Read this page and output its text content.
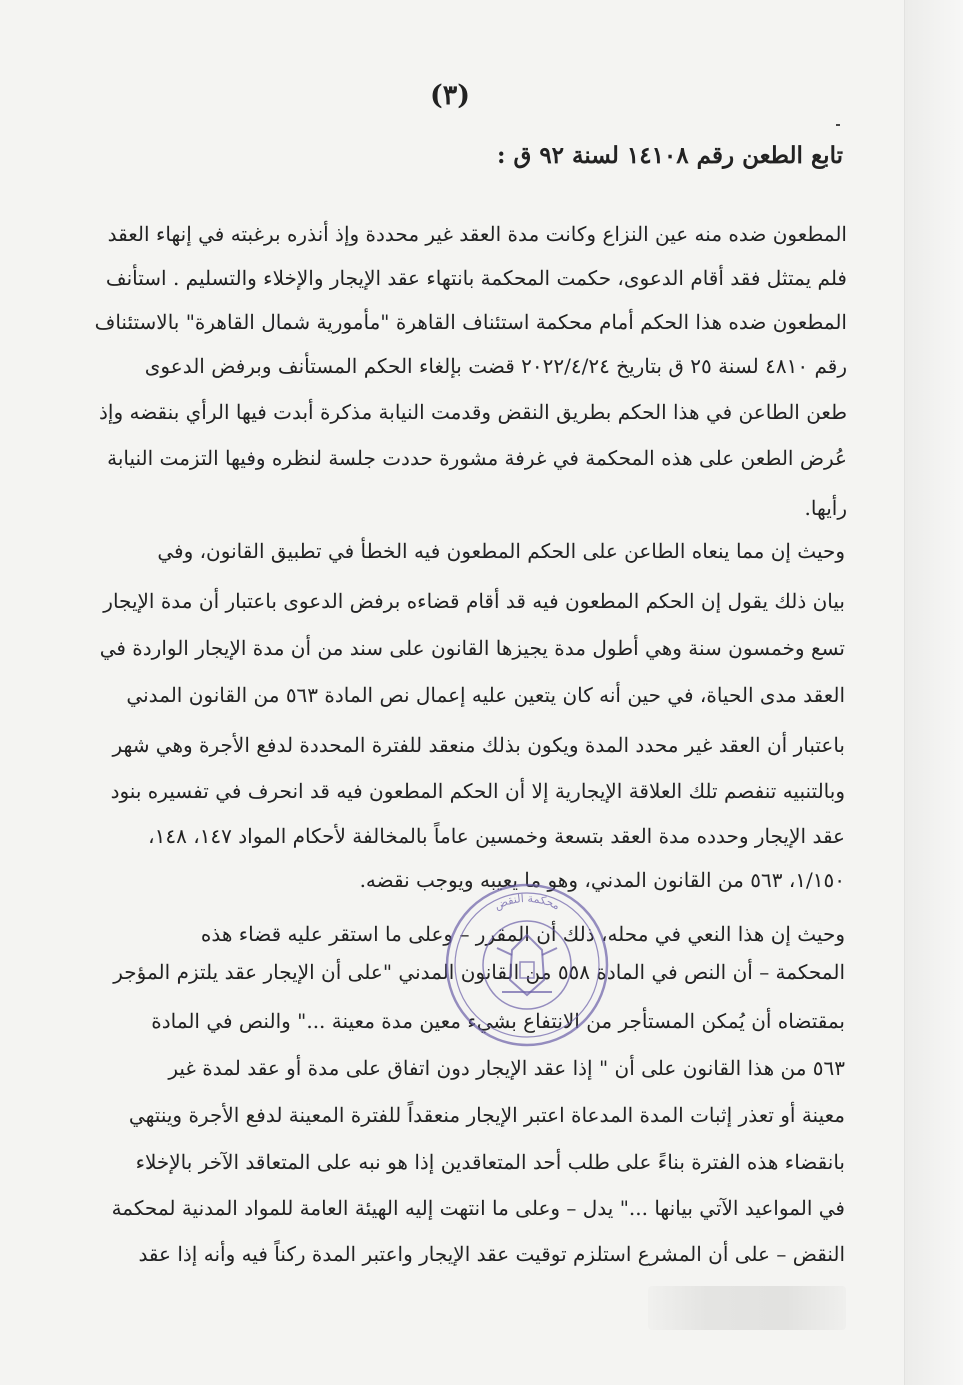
(٣)
تابع الطعن رقم ١٤١٠٨ لسنة ٩٢ ق :
المطعون ضده منه عين النزاع وكانت مدة العقد غير محددة وإذ أنذره برغبته في إنهاء العقد
فلم يمتثل فقد أقام الدعوى، حكمت المحكمة بانتهاء عقد الإيجار والإخلاء والتسليم . استأنف
المطعون ضده هذا الحكم أمام محكمة استئناف القاهرة "مأمورية شمال القاهرة" بالاستئناف
رقم ٤٨١٠ لسنة ٢٥ ق بتاريخ ٢٠٢٢/٤/٢٤ قضت بإلغاء الحكم المستأنف وبرفض الدعوى
طعن الطاعن في هذا الحكم بطريق النقض وقدمت النيابة مذكرة أبدت فيها الرأي بنقضه وإذ
عُرض الطعن على هذه المحكمة في غرفة مشورة حددت جلسة لنظره وفيها التزمت النيابة
رأيها.
وحيث إن مما ينعاه الطاعن على الحكم المطعون فيه الخطأ في تطبيق القانون، وفي
بيان ذلك يقول إن الحكم المطعون فيه قد أقام قضاءه برفض الدعوى باعتبار أن مدة الإيجار
تسع وخمسون سنة وهي أطول مدة يجيزها القانون على سند من أن مدة الإيجار الواردة في
العقد مدى الحياة، في حين أنه كان يتعين عليه إعمال نص المادة ٥٦٣ من القانون المدني
باعتبار أن العقد غير محدد المدة ويكون بذلك منعقد للفترة المحددة لدفع الأجرة وهي شهر
وبالتنبيه تنفصم تلك العلاقة الإيجارية إلا أن الحكم المطعون فيه قد انحرف في تفسيره بنود
عقد الإيجار وحدده مدة العقد بتسعة وخمسين عاماً بالمخالفة لأحكام المواد ١٤٧، ١٤٨،
١/١٥٠، ٥٦٣ من القانون المدني، وهو ما يعيبه ويوجب نقضه.
وحيث إن هذا النعي في محله، ذلك أن المقرر – وعلى ما استقر عليه قضاء هذه
المحكمة – أن النص في المادة ٥٥٨ من القانون المدني "على أن الإيجار عقد يلتزم المؤجر
بمقتضاه أن يُمكن المستأجر من الانتفاع بشيء معين مدة معينة ..." والنص في المادة
٥٦٣ من هذا القانون على أن " إذا عقد الإيجار دون اتفاق على مدة أو عقد لمدة غير
معينة أو تعذر إثبات المدة المدعاة اعتبر الإيجار منعقداً للفترة المعينة لدفع الأجرة وينتهي
بانقضاء هذه الفترة بناءً على طلب أحد المتعاقدين إذا هو نبه على المتعاقد الآخر بالإخلاء
في المواعيد الآتي بيانها ..." يدل – وعلى ما انتهت إليه الهيئة العامة للمواد المدنية لمحكمة
النقض – على أن المشرع استلزم توقيت عقد الإيجار واعتبر المدة ركناً فيه وأنه إذا عقد
محكمة النقض
